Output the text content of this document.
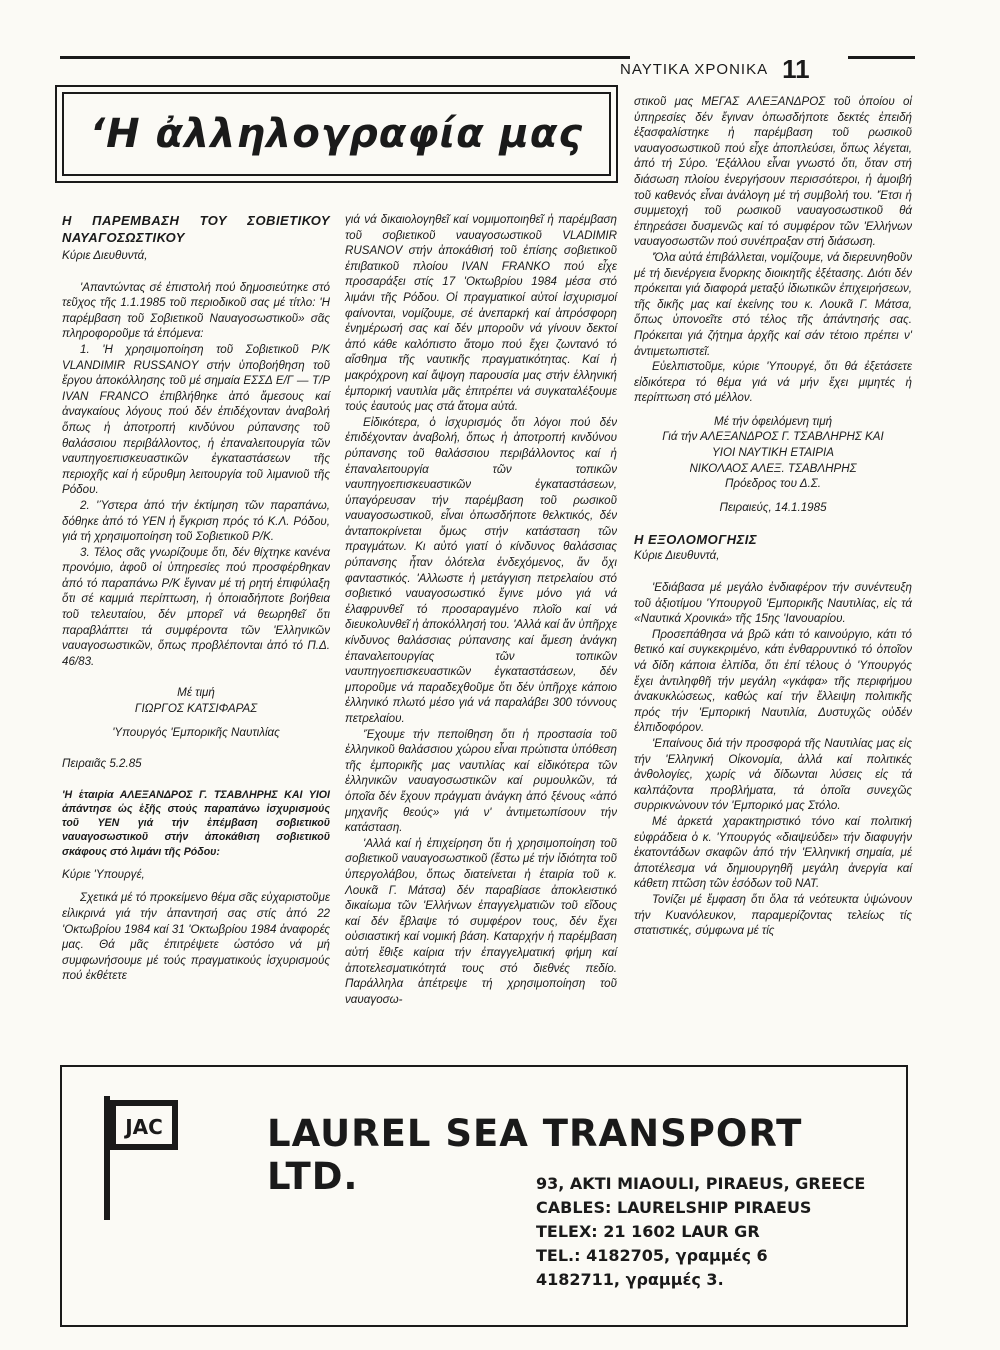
ΝΑΥΤΙΚΑ ΧΡΟΝΙΚΑ 11
‘Η ἀλληλογραφία μας

Η ΠΑΡΕΜΒΑΣΗ ΤΟΥ ΣΟΒΙΕΤΙΚΟΥ ΝΑΥΑΓΟΣΩΣΤΙΚΟΥ

Κύριε Διευθυντά,

'Απαντώντας σέ ἐπιστολή πού δημοσιεύτηκε στό τεῦχος τῆς 1.1.1985 τοῦ περιοδικοῦ σας μέ τίτλο: 'Η παρέμβαση τοῦ Σοβιετικοῦ Ναυαγοσωστικοῦ» σᾶς πληροφοροῦμε τά ἑπόμενα:

1. 'Η χρησιμοποίηση τοῦ Σοβιετικοῦ Ρ/Κ VLANDIMIR RUSSANOY στήν ὑποβοήθηση τοῦ ἔργου ἀποκόλλησης τοῦ μέ σημαία ΕΣΣΔ Ε/Γ — Τ/Ρ IVAN FRANCO ἐπιβλήθηκε ἀπό ἄμεσους καί ἀναγκαίους λόγους πού δέν ἐπιδέχονταν ἀναβολή ὅπως ἡ ἀποτροπή κινδύνου ρύπανσης τοῦ θαλάσσιου περιβάλλοντος, ἡ ἐπαναλειτουργία τῶν ναυπηγοεπισκευαστικῶν ἐγκαταστάσεων τῆς περιοχῆς καί ἡ εὔρυθμη λειτουργία τοῦ λιμανιοῦ τῆς Ρόδου.

2. 'Ύστερα ἀπό τήν ἐκτίμηση τῶν παραπάνω, δόθηκε ἀπό τό ΥΕΝ ἡ ἔγκριση πρός τό Κ.Λ. Ρόδου, γιά τή χρησιμοποίηση τοῦ Σοβιετικοῦ Ρ/Κ.

3. Τέλος σᾶς γνωρίζουμε ὅτι, δέν θίχτηκε κανένα προνόμιο, ἀφοῦ οἱ ὑπηρεσίες πού προσφέρθηκαν ἀπό τό παραπάνω Ρ/Κ ἔγιναν μέ τή ρητή ἐπιφύλαξη ὅτι σέ καμμιά περίπτωση, ἡ ὁποιαδήποτε βοήθεια τοῦ τελευταίου, δέν μπορεῖ νά θεωρηθεῖ ὅτι παραβλάπτει τά συμφέροντα τῶν 'Ελληνικῶν ναυαγοσωστικῶν, ὅπως προβλέπονται ἀπό τό Π.Δ. 46/83.

Μέ τιμή

ΓΙΩΡΓΟΣ ΚΑΤΣΙΦΑΡΑΣ

'Υπουργός 'Εμπορικῆς Ναυτιλίας

Πειραιᾶς 5.2.85

'Η ἑταιρία ΑΛΕΞΑΝΔΡΟΣ Γ. ΤΣΑΒΛΗΡΗΣ ΚΑΙ ΥΙΟΙ ἀπάντησε ὡς ἑξῆς στούς παραπάνω ἰσχυρισμούς τοῦ ΥΕΝ γιά τήν ἐπέμβαση σοβιετικοῦ ναυαγοσωστικοῦ στήν ἀποκάθιση σοβιετικοῦ σκάφους στό λιμάνι τῆς Ρόδου:

Κύριε 'Υπουργέ,

Σχετικά μέ τό προκείμενο θέμα σᾶς εὐχαριστοῦμε εἰλικρινά γιά τήν ἀπαντησή σας στίς ἀπό 22 'Οκτωβρίου 1984 καί 31 'Οκτωβρίου 1984 ἀναφορές μας. Θά μᾶς ἐπιτρέψετε ὡστόσο νά μή συμφωνήσουμε μέ τούς πραγματικούς ἰσχυρισμούς πού ἐκθέτετε

γιά νά δικαιολογηθεῖ καί νομιμοποιηθεῖ ἡ παρέμβαση τοῦ σοβιετικοῦ ναυαγοσωστικοῦ VLADIMIR RUSANOV στήν ἀποκάθισή τοῦ ἐπίσης σοβιετικοῦ ἐπιβατικοῦ πλοίου IVAN FRANKO πού εἶχε προσαράξει στίς 17 'Οκτωβρίου 1984 μέσα στό λιμάνι τῆς Ρόδου. Οἱ πραγματικοί αὐτοί ἰσχυρισμοί φαίνονται, νομίζουμε, σέ ἀνεπαρκή καί ἀπρόσφορη ἐνημέρωσή σας καί δέν μποροῦν νά γίνουν δεκτοί ἀπό κάθε καλόπιστο ἄτομο πού ἔχει ζωντανό τό αἴσθημα τῆς ναυτικῆς πραγματικότητας. Καί ἡ μακρόχρονη καί ἄψογη παρουσία μας στήν ἑλληνική ἐμπορική ναυτιλία μᾶς ἐπιτρέπει νά συγκαταλέξουμε τούς ἑαυτούς μας στά ἄτομα αὐτά.

Εἰδικότερα, ὁ ἰσχυρισμός ὅτι λόγοι πού δέν ἐπιδέχονταν ἀναβολή, ὅπως ἡ ἀποτροπή κινδύνου ρύπανσης τοῦ θαλάσσιου περιβάλλοντος καί ἡ ἐπαναλειτουργία τῶν τοπικῶν ναυπηγοεπισκευαστικῶν ἐγκαταστάσεων, ὑπαγόρευσαν τήν παρέμβαση τοῦ ρωσικοῦ ναυαγοσωστικοῦ, εἶναι ὁπωσδήποτε θελκτικός, δέν ἀνταποκρίνεται ὅμως στήν κατάσταση τῶν πραγμάτων. Κι αὐτό γιατί ὁ κίνδυνος θαλάσσιας ρύπανσης ἦταν ὁλότελα ἐνδεχόμενος, ἄν ὄχι φανταστικός. 'Αλλωστε ἡ μετάγγιση πετρελαίου στό σοβιετικό ναυαγοσωστικό ἔγινε μόνο γιά νά ἐλαφρυνθεῖ τό προσαραγμένο πλοῖο καί νά διευκολυνθεῖ ἡ ἀποκόλλησή του. 'Αλλά καί ἄν ὑπῆρχε κίνδυνος θαλάσσιας ρύπανσης καί ἄμεση ἀνάγκη ἐπαναλειτουργίας τῶν τοπικῶν ναυπηγοεπισκευαστικῶν ἐγκαταστάσεων, δέν μποροῦμε νά παραδεχθοῦμε ὅτι δέν ὑπῆρχε κάποιο ἑλληνικό πλωτό μέσο γιά νά παραλάβει 300 τόννους πετρελαίου.

'Έχουμε τήν πεποίθηση ὅτι ἡ προστασία τοῦ ἑλληνικοῦ θαλάσσιου χώρου εἶναι πρώτιστα ὑπόθεση τῆς ἐμπορικῆς μας ναυτιλίας καί εἰδικότερα τῶν ἑλληνικῶν ναυαγοσωστικῶν καί ρυμουλκῶν, τά ὁποῖα δέν ἔχουν πράγματι ἀνάγκη ἀπό ξένους «ἀπό μηχανῆς θεούς» γιά ν' ἀντιμετωπίσουν τήν κατάσταση.

'Αλλά καί ἡ ἐπιχείρηση ὅτι ἡ χρησιμοποίηση τοῦ σοβιετικοῦ ναυαγοσωστικοῦ (ἔστω μέ τήν ἰδιότητα τοῦ ὑπεργολάβου, ὅπως διατείνεται ἡ ἑταιρία τοῦ κ. Λουκᾶ Γ. Μάτσα) δέν παραβίασε ἀποκλειστικό δικαίωμα τῶν 'Ελλήνων ἐπαγγελματιῶν τοῦ εἴδους καί δέν ἔβλαψε τό συμφέρον τους, δέν ἔχει οὐσιαστική καί νομική βάση. Καταρχήν ἡ παρέμβαση αὐτή ἔθιξε καίρια τήν ἐπαγγελματική φήμη καί ἀποτελεσματικότητά τους στό διεθνές πεδίο. Παράλληλα ἀπέτρεψε τή χρησιμοποίηση τοῦ ναυαγοσω-

στικοῦ μας ΜΕΓΑΣ ΑΛΕΞΑΝΔΡΟΣ τοῦ ὁποίου οἱ ὑπηρεσίες δέν ἔγιναν ὁπωσδήποτε δεκτές ἐπειδή ἐξασφαλίστηκε ἡ παρέμβαση τοῦ ρωσικοῦ ναυαγοσωστικοῦ πού εἶχε ἀποπλεύσει, ὅπως λέγεται, ἀπό τή Σύρο. 'Εξάλλου εἶναι γνωστό ὅτι, ὅταν στή διάσωση πλοίου ἐνεργήσουν περισσότεροι, ἡ ἀμοιβή τοῦ καθενός εἶναι ἀνάλογη μέ τή συμβολή του. 'Έτσι ἡ συμμετοχή τοῦ ρωσικοῦ ναυαγοσωστικοῦ θά ἐπηρεάσει δυσμενῶς καί τό συμφέρον τῶν 'Ελλήνων ναυαγοσωστῶν πού συνέπραξαν στή διάσωση.

'Όλα αὐτά ἐπιβάλλεται, νομίζουμε, νά διερευνηθοῦν μέ τή διενέργεια ἔνορκης διοικητῆς ἐξέτασης. Διότι δέν πρόκειται γιά διαφορά μεταξύ ἰδιωτικῶν ἐπιχειρήσεων, τῆς δικῆς μας καί ἐκείνης του κ. Λουκᾶ Γ. Μάτσα, ὅπως ὑπονοεῖτε στό τέλος τῆς ἀπάντησής σας. Πρόκειται γιά ζήτημα ἀρχῆς καί σάν τέτοιο πρέπει ν' ἀντιμετωπιστεῖ.

Εὐελπιστοῦμε, κύριε 'Υπουργέ, ὅτι θά ἐξετάσετε εἰδικότερα τό θέμα γιά νά μήν ἔχει μιμητές ἡ περίπτωση στό μέλλον.

Μέ τήν ὀφειλόμενη τιμή

Γιά τήν ΑΛΕΞΑΝΔΡΟΣ Γ. ΤΣΑΒΛΗΡΗΣ ΚΑΙ

ΥΙΟΙ ΝΑΥΤΙΚΗ ΕΤΑΙΡΙΑ

ΝΙΚΟΛΑΟΣ ΑΛΕΞ. ΤΣΑΒΛΗΡΗΣ

Πρόεδρος του Δ.Σ.

Πειραιεύς, 14.1.1985

Η ΕΞΟΛΟΜΟΓΗΣΙΣ

Κύριε Διευθυντά,

'Εδιάβασα μέ μεγάλο ἐνδιαφέρον τήν συνέντευξη τοῦ ἀξιοτίμου 'Υπουργοῦ 'Εμπορικῆς Ναυτιλίας, εἰς τά «Ναυτικά Χρονικά» τῆς 15ης 'Ιανουαρίου.

Προσεπάθησα νά βρῶ κάτι τό καινούργιο, κάτι τό θετικό καί συγκεκριμένο, κάτι ἐνθαρρυντικό τό ὁποῖον νά δίδη κάποια ἐλπίδα, ὅτι ἐπί τέλους ὁ 'Υπουργός ἔχει ἀντιληφθῆ τήν μεγάλη «γκάφα» τῆς περιφήμου ἀνακυκλώσεως, καθώς καί τήν ἔλλειψη πολιτικῆς πρός τήν 'Εμπορική Ναυτιλία, Δυστυχῶς οὐδέν ἐλπιδοφόρον.

'Επαίνους διά τήν προσφορά τῆς Ναυτιλίας μας εἰς τήν 'Ελληνική Οἰκονομία, ἀλλά καί πολιτικές ἀνθολογίες, χωρίς νά δίδωνται λύσεις εἰς τά καλπάζοντα προβλήματα, τά ὁποῖα συνεχῶς συρρικνώνουν τόν 'Εμπορικό μας Στόλο.

Μέ ἀρκετά χαρακτηριστικό τόνο καί πολιτική εὐφράδεια ὁ κ. 'Υπουργός «διαψεύδει» τήν διαφυγήν ἑκατοντάδων σκαφῶν ἀπό τήν 'Ελληνική σημαία, μέ ἀποτέλεσμα νά δημιουργηθῆ μεγάλη ἀνεργία καί κάθετη πτῶση τῶν ἐσόδων τοῦ ΝΑΤ.

Τονίζει μέ ἔμφαση ὅτι ὅλα τά νεότευκτα ὑψώνουν τήν Κυανόλευκον, παραμερίζοντας τελείως τίς στατιστικές, σύμφωνα μέ τίς

JAC	LAUREL SEA TRANSPORT LTD.	93, AKTI MIAOULI, PIRAEUS, GREECE
CABLES: LAURELSHIP PIRAEUS
TELEX: 21 1602 LAUR GR
TEL.: 4182705, γραμμές 6
4182711, γραμμές 3.
